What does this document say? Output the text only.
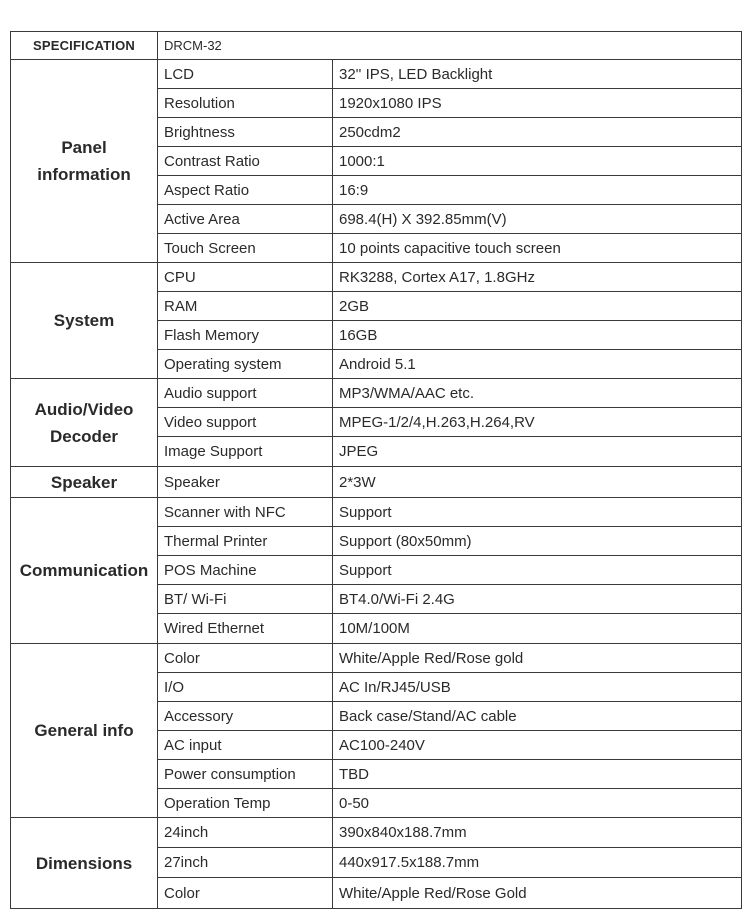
SPECIFICATION	DRCM-32	
Panel
information	LCD	32'' IPS, LED Backlight
	Resolution	1920x1080 IPS
	Brightness	250cdm2
	Contrast Ratio	1000:1
	Aspect Ratio	16:9
	Active Area	698.4(H) X 392.85mm(V)
	Touch Screen	10 points capacitive touch screen
System	CPU	RK3288, Cortex A17, 1.8GHz
	RAM	2GB
	Flash Memory	16GB
	Operating system	Android 5.1
Audio/Video
Decoder	Audio support	MP3/WMA/AAC etc.
	Video support	MPEG-1/2/4,H.263,H.264,RV
	Image Support	JPEG
Speaker	Speaker	2*3W
Communication	Scanner with NFC	Support
	Thermal Printer	Support (80x50mm)
	POS Machine	Support
	BT/ Wi-Fi	BT4.0/Wi-Fi 2.4G
	Wired Ethernet	10M/100M
General info	Color	White/Apple Red/Rose gold
	I/O	AC In/RJ45/USB
	Accessory	Back case/Stand/AC cable
	AC input	AC100-240V
	Power consumption	TBD
	Operation Temp	0-50
Dimensions	24inch	390x840x188.7mm
	27inch	440x917.5x188.7mm
	Color	White/Apple Red/Rose Gold
